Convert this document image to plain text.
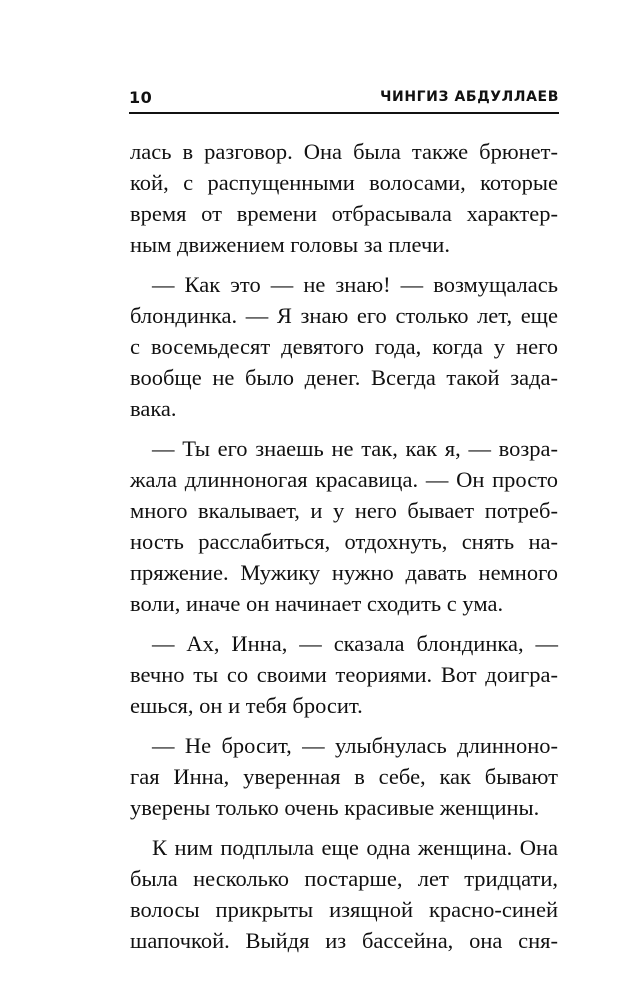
10	ЧИНГИЗ АБДУЛЛАЕВ

лась в разговор. Она была также брюнет-
кой, с распущенными волосами, которые
время от времени отбрасывала характер-
ным движением головы за плечи.

— Как это — не знаю! — возмущалась
блондинка. — Я знаю его столько лет, еще
с восемьдесят девятого года, когда у него
вообще не было денег. Всегда такой зада-
вака.

— Ты его знаешь не так, как я, — возра-
жала длинноногая красавица. — Он просто
много вкалывает, и у него бывает потреб-
ность расслабиться, отдохнуть, снять на-
пряжение. Мужику нужно давать немного
воли, иначе он начинает сходить с ума.

— Ах, Инна, — сказала блондинка, —
вечно ты со своими теориями. Вот доигра-
ешься, он и тебя бросит.

— Не бросит, — улыбнулась длинноно-
гая Инна, уверенная в себе, как бывают
уверены только очень красивые женщины.

К ним подплыла еще одна женщина. Она
была несколько постарше, лет тридцати,
волосы прикрыты изящной красно-синей
шапочкой. Выйдя из бассейна, она сня-
